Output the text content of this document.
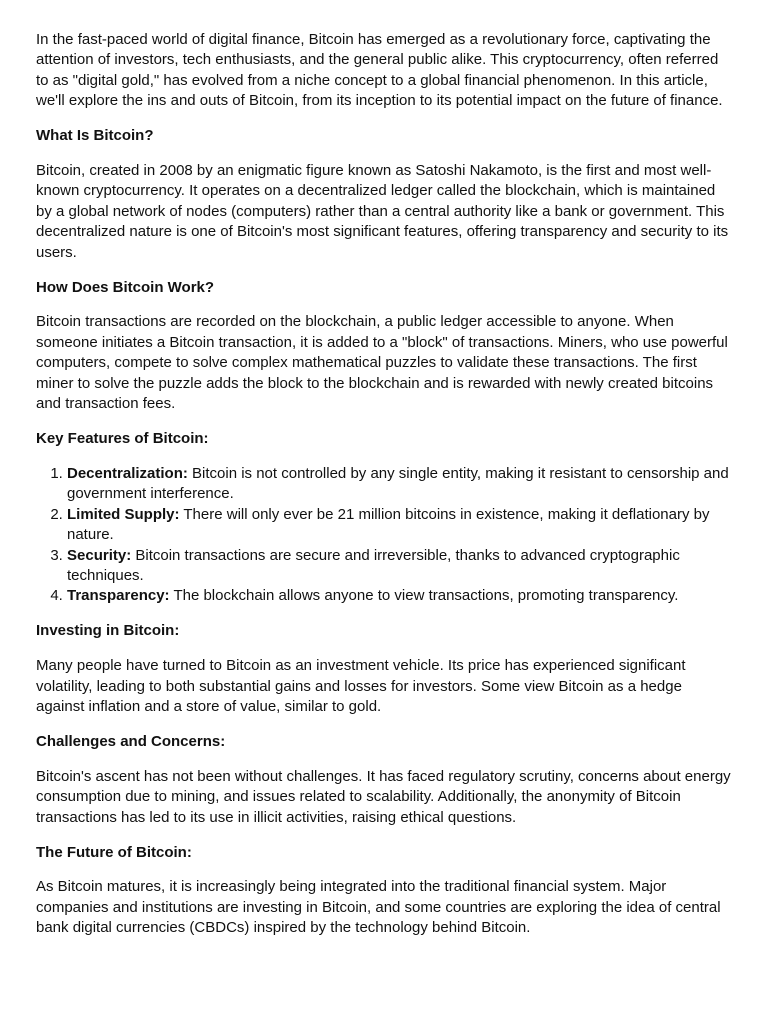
In the fast-paced world of digital finance, Bitcoin has emerged as a revolutionary force, captivating the attention of investors, tech enthusiasts, and the general public alike. This cryptocurrency, often referred to as "digital gold," has evolved from a niche concept to a global financial phenomenon. In this article, we'll explore the ins and outs of Bitcoin, from its inception to its potential impact on the future of finance.

What Is Bitcoin?

Bitcoin, created in 2008 by an enigmatic figure known as Satoshi Nakamoto, is the first and most well-known cryptocurrency. It operates on a decentralized ledger called the blockchain, which is maintained by a global network of nodes (computers) rather than a central authority like a bank or government. This decentralized nature is one of Bitcoin's most significant features, offering transparency and security to its users.

How Does Bitcoin Work?

Bitcoin transactions are recorded on the blockchain, a public ledger accessible to anyone. When someone initiates a Bitcoin transaction, it is added to a "block" of transactions. Miners, who use powerful computers, compete to solve complex mathematical puzzles to validate these transactions. The first miner to solve the puzzle adds the block to the blockchain and is rewarded with newly created bitcoins and transaction fees.

Key Features of Bitcoin:
1. Decentralization: Bitcoin is not controlled by any single entity, making it resistant to censorship and government interference.
2. Limited Supply: There will only ever be 21 million bitcoins in existence, making it deflationary by nature.
3. Security: Bitcoin transactions are secure and irreversible, thanks to advanced cryptographic techniques.
4. Transparency: The blockchain allows anyone to view transactions, promoting transparency.
Investing in Bitcoin:

Many people have turned to Bitcoin as an investment vehicle. Its price has experienced significant volatility, leading to both substantial gains and losses for investors. Some view Bitcoin as a hedge against inflation and a store of value, similar to gold.

Challenges and Concerns:

Bitcoin's ascent has not been without challenges. It has faced regulatory scrutiny, concerns about energy consumption due to mining, and issues related to scalability. Additionally, the anonymity of Bitcoin transactions has led to its use in illicit activities, raising ethical questions.

The Future of Bitcoin:

As Bitcoin matures, it is increasingly being integrated into the traditional financial system. Major companies and institutions are investing in Bitcoin, and some countries are exploring the idea of central bank digital currencies (CBDCs) inspired by the technology behind Bitcoin.
